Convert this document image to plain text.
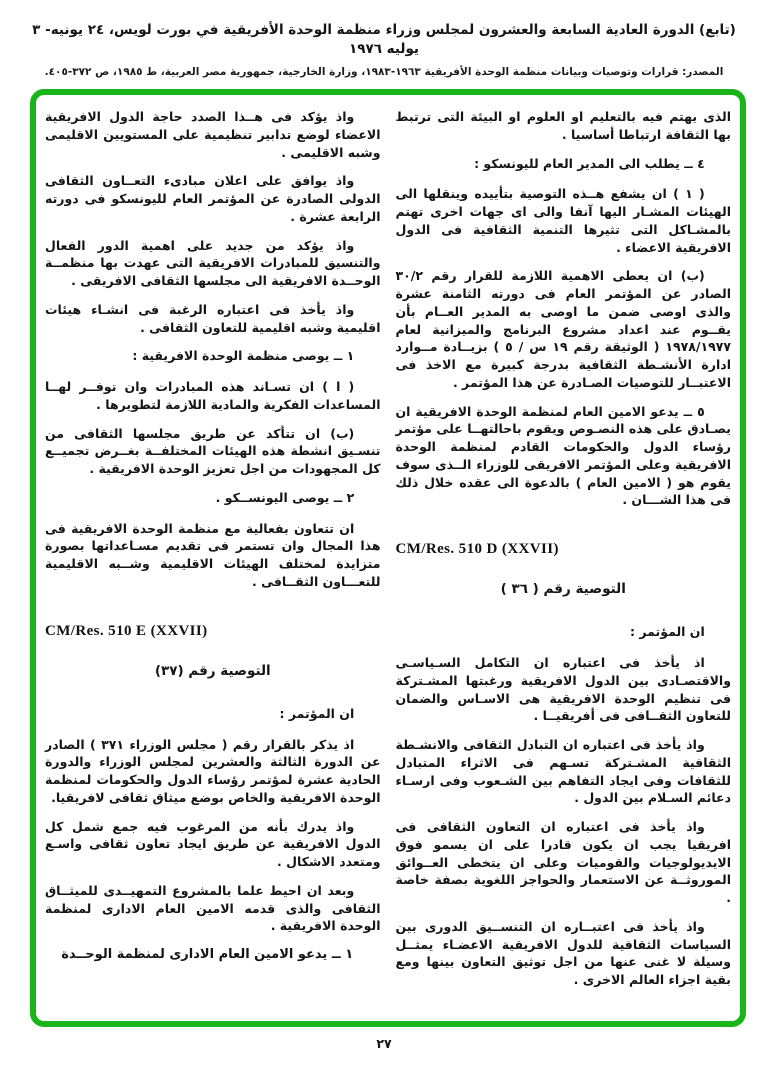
(تابع) الدورة العادية السابعة والعشرون لمجلس وزراء منظمة الوحدة الأفريقية في بورت لويس، ٢٤ يونيه- ٣ يوليه ١٩٧٦
المصدر: قرارات وتوصيات وبيانات منظمة الوحدة الأفريقية ١٩٦٣-١٩٨٣، وزارة الخارجية، جمهورية مصر العربية، ط ١٩٨٥، ص ٣٧٢-٤٠٥.

الذى يهتم فيه بالتعليم او العلوم او البيئة التى ترتبط بها الثقافة ارتباطا أساسيا .

٤ ــ يطلب الى المدير العام لليونسكو :

( ١ ) ان يشفع هــذه التوصية بتأييده وينقلها الى الهيئات المشـار اليها آنفا والى اى جهات اخرى تهتم بالمشـاكل التى تثيرها التنمية الثقافية فى الدول الافريقية الاعضاء .

(ب) ان يعطى الاهمية اللازمة للقرار رقم ٣٠/٢ الصادر عن المؤتمر العام فى دورته الثامنة عشرة والذى اوصى ضمن ما اوصى به المدير العــام بأن يقــوم عند اعداد مشروع البرنامج والميزانية لعام ١٩٧٨/١٩٧٧ ( الوثيقة رقم ١٩ س / ٥ ) بزيــادة مــوارد ادارة الأنشـطة الثقافية بدرجة كبيرة مع الاخذ فى الاعتبــار للتوصيات الصـادرة عن هذا المؤتمر .

٥ ــ يدعو الامين العام لمنظمة الوحدة الافريقية ان يصـادق على هذه النصـوص ويقوم باحالتهــا على مؤتمر رؤساء الدول والحكومات القادم لمنظمة الوحدة الافريقية وعلى المؤتمر الافريقى للوزراء الــذى سوف يقوم هو ( الامين العام ) بالدعوة الى عقده خلال ذلك فى هذا الشـــان .

CM/Res. 510 D (XXVII)

التوصية رقم ( ٣٦ )

ان المؤتمر :

اذ يأخذ فى اعتباره ان التكامل السـياسـى والاقتصـادى بين الدول الافريقية ورغبتها المشـتركة فى تنظيم الوحدة الافريقية هى الاسـاس والضمان للتعاون الثقــافى فى أفريقيــا .

واذ يأخذ فى اعتباره ان التبادل الثقافى والانشـطة الثقافية المشـتركة تسـهم فى الاثراء المتبادل للثقافات وفى ايجاد التفاهم بين الشـعوب وفى ارسـاء دعائم السـلام بين الدول .

واذ يأخذ فى اعتباره ان التعاون الثقافى فى افريقيا يجب ان يكون قادرا على ان يسمو فوق الايديولوجيات والقوميات وعلى ان يتخطى العــوائق الموروثــة عن الاستعمار والحواجز اللغوية بصفة خاصة .

واذ يأخذ فى اعتبــاره ان التنســيق الدورى بين السياسات الثقافية للدول الافريقية الاعضـاء يمثــل وسيلة لا غنى عنها من اجل توثيق التعاون بينها ومع بقية اجزاء العالم الاخرى .

واذ يؤكد فى هــذا الصدد حاجة الدول الافريقية الاعضاء لوضع تدابير تنظيمية على المستويين الاقليمى وشبه الاقليمى .

واذ يوافق على اعلان مبادىء التعــاون الثقافى الدولى الصادرة عن المؤتمر العام لليونسكو فى دورته الرابعة عشرة .

واذ يؤكد من جديد على اهمية الدور الفعال والتنسيق للمبادرات الافريقية التى عهدت بها منظمــة الوحــدة الافريقية الى مجلسها الثقافى الافريقى .

واذ يأخذ فى اعتباره الرغبة فى انشـاء هيئات اقليمية وشبه اقليمية للتعاون الثقافى .

١ ــ يوصى منظمة الوحدة الافريقية :

( ا ) ان تسـاند هذه المبادرات وان توفــر لهــا المساعدات الفكرية والمادية اللازمة لتطويرها .

(ب) ان تتأكد عن طريق مجلسها الثقافى من تنسـيق انشطة هذه الهيئات المختلفــة بغــرض تجميــع كل المجهودات من اجل تعزيز الوحدة الافريقية .

٢ ــ يوصى اليونســكو .

ان تتعاون بفعالية مع منظمة الوحدة الافريقية فى هذا المجال وان تستمر فى تقديم مسـاعداتها بصورة متزايدة لمختلف الهيئات الاقليمية وشــبه الاقليمية للتعـــاون الثقــافى .

CM/Res. 510 E (XXVII)

التوصية رقم (٣٧)

ان المؤتمر :

اذ يذكر بالقرار رقم ( مجلس الوزراء ٣٧١ ) الصادر عن الدورة الثالثة والعشرين لمجلس الوزراء والدورة الحادية عشرة لمؤتمر رؤساء الدول والحكومات لمنظمة الوحدة الافريقية والخاص بوضع ميثاق ثقافى لافريقيا.

واذ يدرك بأنه من المرغوب فيه جمع شمل كل الدول الافريقية عن طريق ايجاد تعاون ثقافى واسـع ومتعدد الاشكال .

وبعد ان احيط علما بالمشروع التمهيــدى للميثــاق الثقافى والذى قدمه الامين العام الادارى لمنظمة الوحدة الافريقية .

١ ــ يدعو الامين العام الادارى لمنظمة الوحــدة

٢٧
